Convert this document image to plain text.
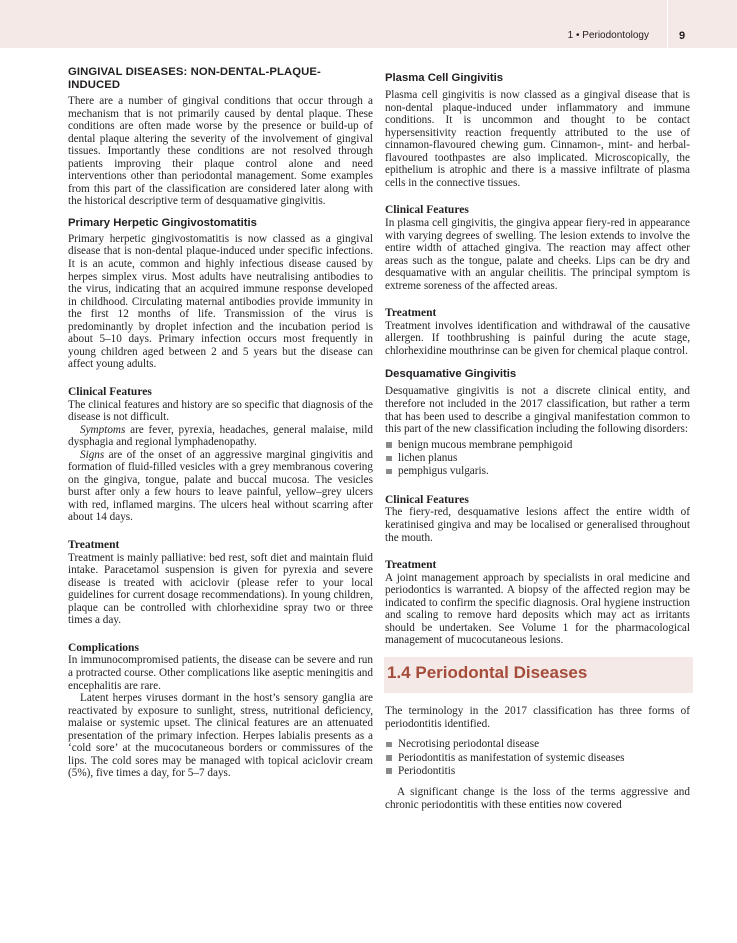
1 • Periodontology	9
GINGIVAL DISEASES: NON-DENTAL-PLAQUE-INDUCED

There are a number of gingival conditions that occur through a mechanism that is not primarily caused by dental plaque. These conditions are often made worse by the presence or build-up of dental plaque altering the severity of the involvement of gingival tissues. Importantly these conditions are not resolved through patients improving their plaque control alone and need interventions other than periodontal management. Some examples from this part of the classification are considered later along with the historical descriptive term of desquamative gingivitis.

Primary Herpetic Gingivostomatitis

Primary herpetic gingivostomatitis is now classed as a gingival disease that is non-dental plaque-induced under specific infections. It is an acute, common and highly infectious disease caused by herpes simplex virus. Most adults have neutralising antibodies to the virus, indicating that an acquired immune response developed in childhood. Circulating maternal antibodies provide immunity in the first 12 months of life. Transmission of the virus is predominantly by droplet infection and the incubation period is about 5–10 days. Primary infection occurs most frequently in young children aged between 2 and 5 years but the disease can affect young adults.

Clinical Features

The clinical features and history are so specific that diagnosis of the disease is not difficult.

Symptoms are fever, pyrexia, headaches, general malaise, mild dysphagia and regional lymphadenopathy.

Signs are of the onset of an aggressive marginal gingivitis and formation of fluid-filled vesicles with a grey membranous covering on the gingiva, tongue, palate and buccal mucosa. The vesicles burst after only a few hours to leave painful, yellow–grey ulcers with red, inflamed margins. The ulcers heal without scarring after about 14 days.

Treatment

Treatment is mainly palliative: bed rest, soft diet and maintain fluid intake. Paracetamol suspension is given for pyrexia and severe disease is treated with aciclovir (please refer to your local guidelines for current dosage recommendations). In young children, plaque can be controlled with chlorhexidine spray two or three times a day.

Complications

In immunocompromised patients, the disease can be severe and run a protracted course. Other complications like aseptic meningitis and encephalitis are rare.

Latent herpes viruses dormant in the host’s sensory ganglia are reactivated by exposure to sunlight, stress, nutritional deficiency, malaise or systemic upset. The clinical features are an attenuated presentation of the primary infection. Herpes labialis presents as a ‘cold sore’ at the mucocutaneous borders or commissures of the lips. The cold sores may be managed with topical aciclovir cream (5%), five times a day, for 5–7 days.

Plasma Cell Gingivitis

Plasma cell gingivitis is now classed as a gingival disease that is non-dental plaque-induced under inflammatory and immune conditions. It is uncommon and thought to be contact hypersensitivity reaction frequently attributed to the use of cinnamon-flavoured chewing gum. Cinnamon-, mint- and herbal-flavoured toothpastes are also implicated. Microscopically, the epithelium is atrophic and there is a massive infiltrate of plasma cells in the connective tissues.

Clinical Features

In plasma cell gingivitis, the gingiva appear fiery-red in appearance with varying degrees of swelling. The lesion extends to involve the entire width of attached gingiva. The reaction may affect other areas such as the tongue, palate and cheeks. Lips can be dry and desquamative with an angular cheilitis. The principal symptom is extreme soreness of the affected areas.

Treatment

Treatment involves identification and withdrawal of the causative allergen. If toothbrushing is painful during the acute stage, chlorhexidine mouthrinse can be given for chemical plaque control.

Desquamative Gingivitis

Desquamative gingivitis is not a discrete clinical entity, and therefore not included in the 2017 classification, but rather a term that has been used to describe a gingival manifestation common to this part of the new classification including the following disorders:

benign mucous membrane pemphigoid
lichen planus
pemphigus vulgaris.
Clinical Features

The fiery-red, desquamative lesions affect the entire width of keratinised gingiva and may be localised or generalised throughout the mouth.

Treatment

A joint management approach by specialists in oral medicine and periodontics is warranted. A biopsy of the affected region may be indicated to confirm the specific diagnosis. Oral hygiene instruction and scaling to remove hard deposits which may act as irritants should be undertaken. See Volume 1 for the pharmacological management of mucocutaneous lesions.

1.4 Periodontal Diseases

The terminology in the 2017 classification has three forms of periodontitis identified.

Necrotising periodontal disease
Periodontitis as manifestation of systemic diseases
Periodontitis

A significant change is the loss of the terms aggressive and chronic periodontitis with these entities now covered
